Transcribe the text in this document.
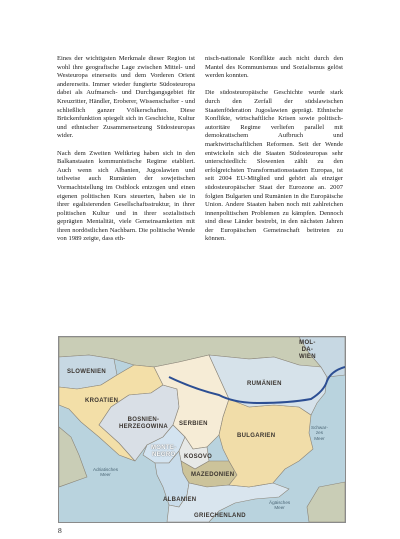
Eines der wichtigsten Merkmale dieser Region ist wohl ihre geografische Lage zwischen Mittel- und Westeuropa einerseits und dem Vorderen Orient andererseits. Immer wieder fungierte Südosteuropa dabei als Aufmarsch- und Durchgangsgebiet für Kreuzritter, Händler, Eroberer, Wissenschafter - und schließlich ganzer Völkerschaften. Diese Brückenfunktion spiegelt sich in Geschichte, Kultur und ethnischer Zusammensetzung Südosteuropas wider.

Nach dem Zweiten Weltkrieg haben sich in den Balkanstaaten kommunistische Regime etabliert. Auch wenn sich Albanien, Jugoslawien und teilweise auch Rumänien der sowjetischen Vormachtstellung im Ostblock entzogen und einen eigenen politischen Kurs steuerten, haben sie in ihrer egalisierenden Gesellschaftsstruktur, in ihrer politischen Kultur und in ihrer sozialistisch geprägten Mentalität, viele Gemeinsamkeiten mit ihren nordöstlichen Nachbarn. Die politische Wende von 1989 zeigte, dass eth-

nisch-nationale Konflikte auch nicht durch den Mantel des Kommunismus und Sozialismus gelöst werden konnten.

Die südosteuropäische Geschichte wurde stark durch den Zerfall der südslawischen Staatenföderation Jugoslawien geprägt. Ethnische Konflikte, wirtschaftliche Krisen sowie politisch-autoritäre Regime verliefen parallel mit demokratischem Aufbruch und marktwirtschaftlichen Reformen. Seit der Wende entwickeln sich die Staaten Südosteuropas sehr unterschiedlich: Slowenien zählt zu den erfolgreichsten Transformationsstaaten Europas, ist seit 2004 EU-Mitglied und gehört als einziger südosteuropäischer Staat der Eurozone an. 2007 folgten Bulgarien und Rumänien in die Europäische Union. Andere Staaten haben noch mit zahlreichen innenpolitischen Problemen zu kämpfen. Dennoch sind diese Länder bestrebt, in den nächsten Jahren der Europäischen Gemeinschaft beitreten zu können.

SLOWENIEN
KROATIEN
BOSNIEN-
HERZEGOWINA SERBIEN
MONTE-
NEGRO KOSOVO
MAZEDONIEN
ALBANIEN
GRIECHENLAND
BULGARIEN
RUMÄNIEN
MOL-
DA-
WIEN
Schwar-
zes
Meer
Adriatisches
Meer
Ägäisches
Meer
8
